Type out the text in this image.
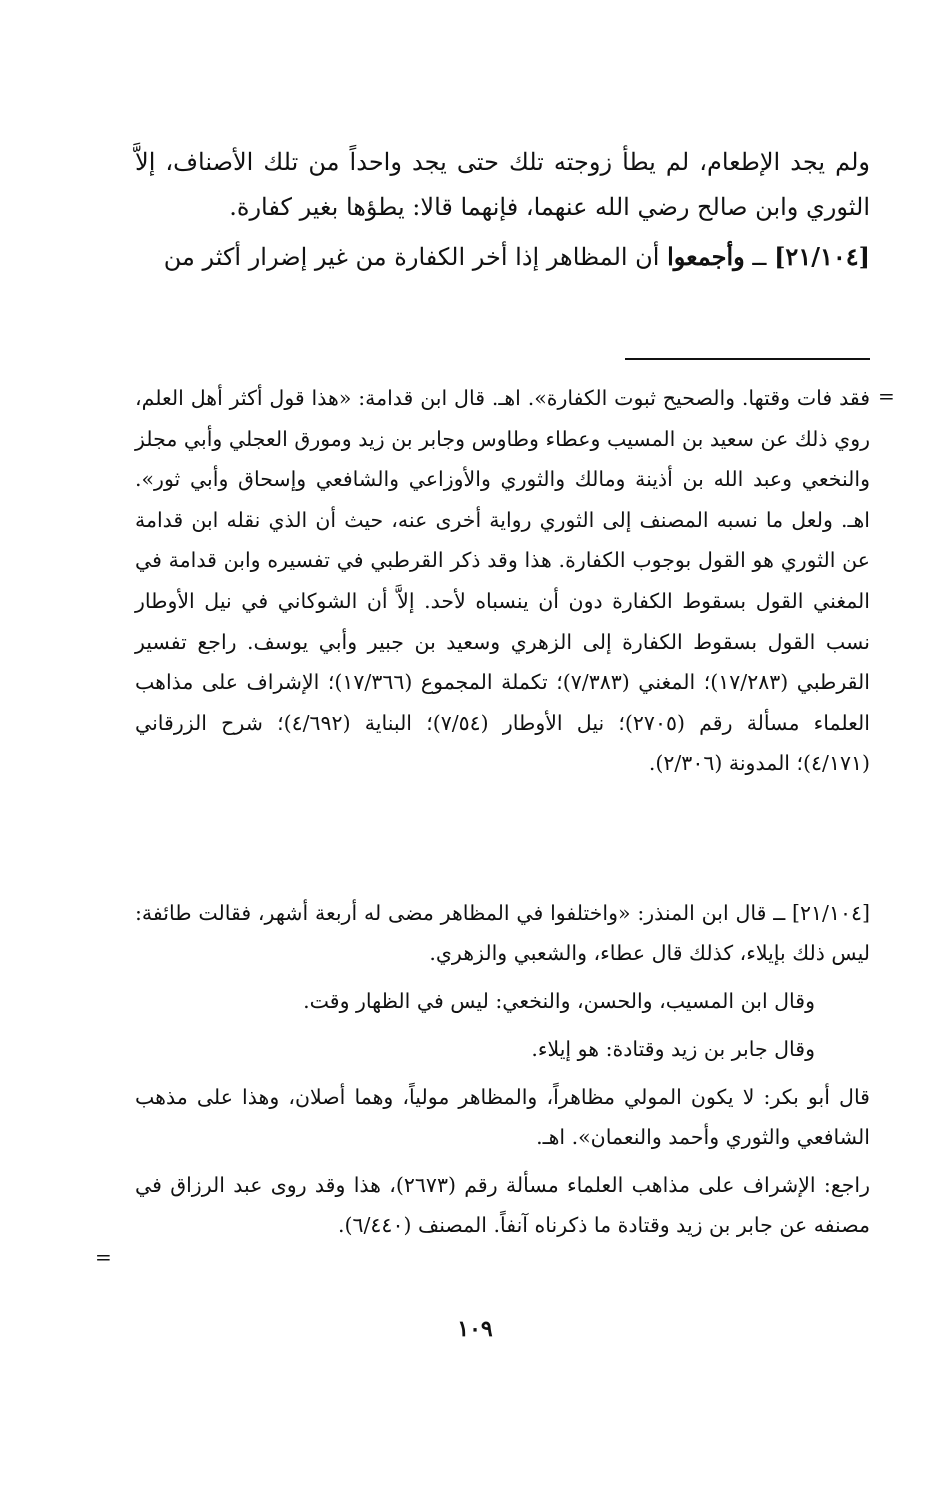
ولم يجد الإطعام، لم يطأ زوجته تلك حتى يجد واحداً من تلك الأصناف، إلاَّ الثوري وابن صالح رضي الله عنهما، فإنهما قالا: يطؤها بغير كفارة.

[٢١/١٠٤] ــ وأجمعوا أن المظاهر إذا أخر الكفارة من غير إضرار أكثر من

=

فقد فات وقتها. والصحيح ثبوت الكفارة». اهـ. قال ابن قدامة: «هذا قول أكثر أهل العلم، روي ذلك عن سعيد بن المسيب وعطاء وطاوس وجابر بن زيد ومورق العجلي وأبي مجلز والنخعي وعبد الله بن أذينة ومالك والثوري والأوزاعي والشافعي وإسحاق وأبي ثور». اهـ. ولعل ما نسبه المصنف إلى الثوري رواية أخرى عنه، حيث أن الذي نقله ابن قدامة عن الثوري هو القول بوجوب الكفارة. هذا وقد ذكر القرطبي في تفسيره وابن قدامة في المغني القول بسقوط الكفارة دون أن ينسباه لأحد. إلاَّ أن الشوكاني في نيل الأوطار نسب القول بسقوط الكفارة إلى الزهري وسعيد بن جبير وأبي يوسف. راجع تفسير القرطبي (١٧/٢٨٣)؛ المغني (٧/٣٨٣)؛ تكملة المجموع (١٧/٣٦٦)؛ الإشراف على مذاهب العلماء مسألة رقم (٢٧٠٥)؛ نيل الأوطار (٧/٥٤)؛ البناية (٤/٦٩٢)؛ شرح الزرقاني (٤/١٧١)؛ المدونة (٢/٣٠٦).

[٢١/١٠٤] ــ قال ابن المنذر: «واختلفوا في المظاهر مضى له أربعة أشهر، فقالت طائفة: ليس ذلك بإيلاء، كذلك قال عطاء، والشعبي والزهري.

وقال ابن المسيب، والحسن، والنخعي: ليس في الظهار وقت.

وقال جابر بن زيد وقتادة: هو إيلاء.

قال أبو بكر: لا يكون المولي مظاهراً، والمظاهر مولياً، وهما أصلان، وهذا على مذهب الشافعي والثوري وأحمد والنعمان». اهـ.

راجع: الإشراف على مذاهب العلماء مسألة رقم (٢٦٧٣)، هذا وقد روى عبد الرزاق في مصنفه عن جابر بن زيد وقتادة ما ذكرناه آنفاً. المصنف (٦/٤٤٠).

=
١٠٩
